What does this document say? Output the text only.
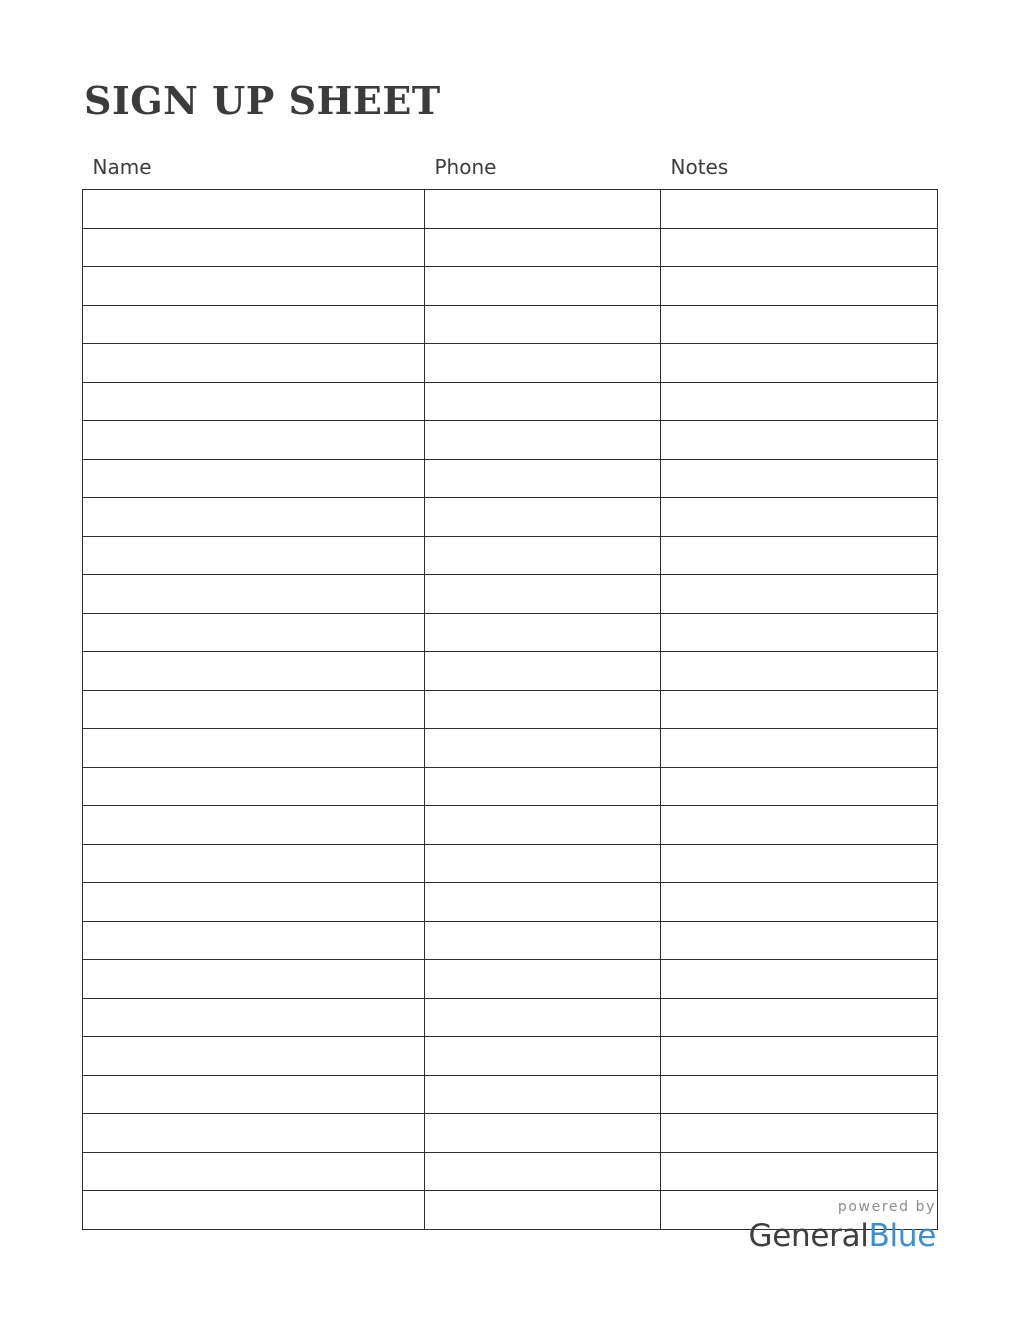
SIGN UP SHEET
Name	Phone	Notes

powered by
GeneralBlue
